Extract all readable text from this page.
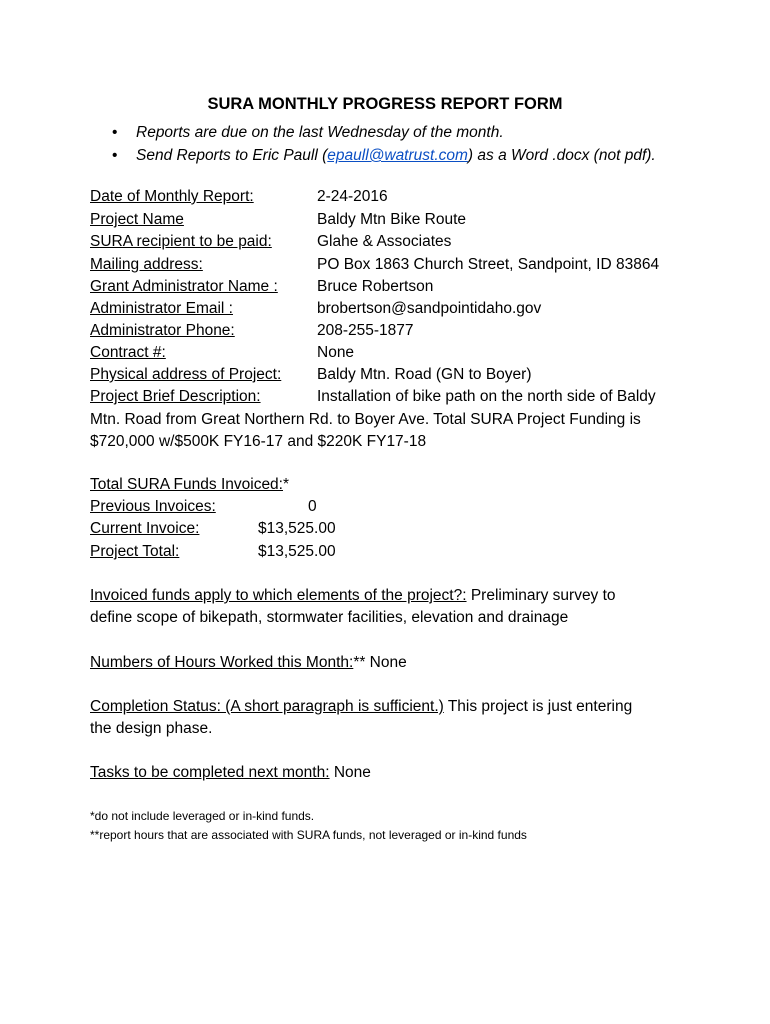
SURA MONTHLY PROGRESS REPORT FORM
• Reports are due on the last Wednesday of the month.
• Send Reports to Eric Paull (epaull@watrust.com) as a Word .docx (not pdf).
Date of Monthly Report:	2-24-2016
Project Name	Baldy Mtn Bike Route
SURA recipient to be paid:	Glahe & Associates
Mailing address:	PO Box 1863 Church Street, Sandpoint, ID 83864
Grant Administrator Name :	Bruce Robertson
Administrator Email :	brobertson@sandpointidaho.gov
Administrator Phone:	208-255-1877
Contract #:	None
Physical address of Project: Baldy Mtn. Road (GN to Boyer)
Project Brief Description:	Installation of bike path on the north side of Baldy
Mtn. Road from Great Northern Rd. to Boyer Ave. Total SURA Project Funding is
$720,000 w/$500K FY16-17 and $220K FY17-18
Total SURA Funds Invoiced:*
Previous Invoices:	0
Current Invoice:	$13,525.00
Project Total:	$13,525.00
Invoiced funds apply to which elements of the project?: Preliminary survey to
define scope of bikepath, stormwater facilities, elevation and drainage
Numbers of Hours Worked this Month:** None
Completion Status: (A short paragraph is sufficient.) This project is just entering
the design phase.
Tasks to be completed next month: None
*do not include leveraged or in-kind funds.
**report hours that are associated with SURA funds, not leveraged or in-kind funds
